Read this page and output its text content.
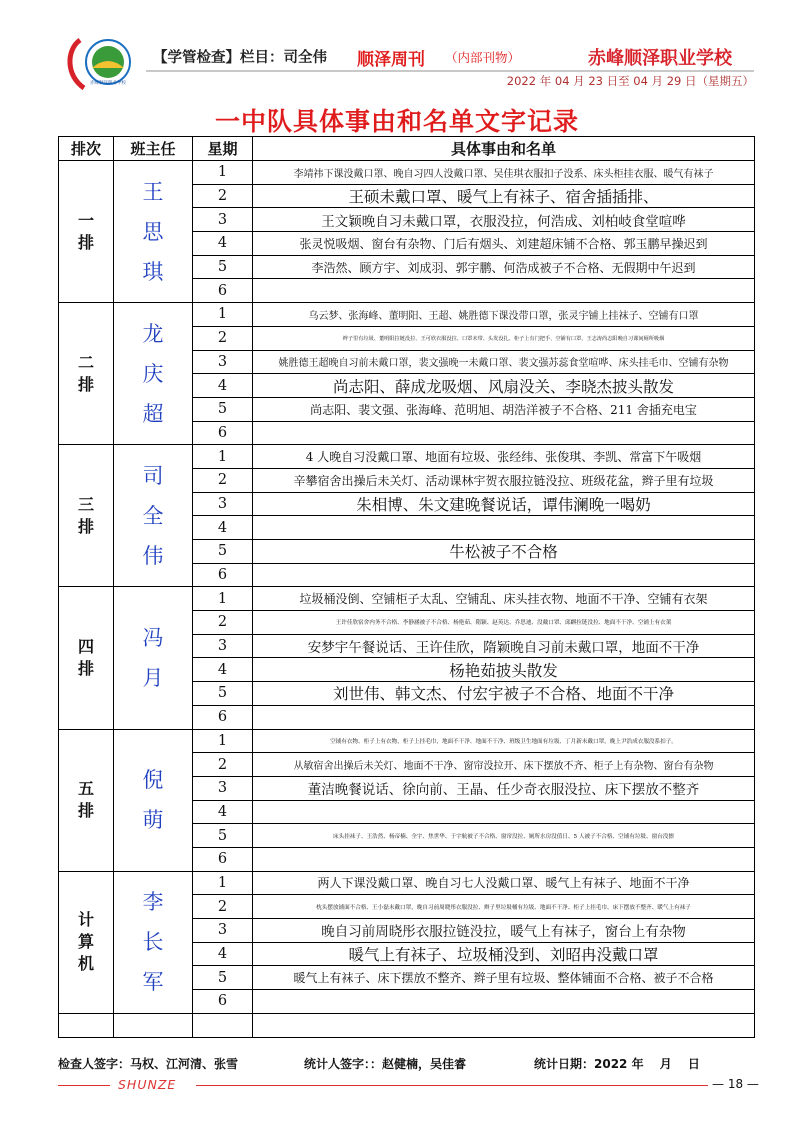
赤峰顺泽职业学校
【学管检查】栏目：司全伟 顺泽周刊 （内部刊物）	赤峰顺泽职业学校
2022 年 04 月 23 日至 04 月 29 日（星期五）
一中队具体事由和名单文字记录
排次	班主任	星期	具体事由和名单

一排	王思琪	1	李靖祎下课没戴口罩、晚自习四人没戴口罩、吴佳琪衣服扣子没系、床头柜挂衣服、暖气有袜子
		2	王硕未戴口罩、暖气上有袜子、宿舍插插排、
		3	王文颖晚自习未戴口罩，衣服没拉，何浩成、刘柏岐食堂喧哗
		4	张灵悦吸烟、窗台有杂物、门后有烟头、刘建超床铺不合格、郭玉鹏早操迟到
		5	李浩然、顾方宇、刘成羽、郭宇鹏、何浩成被子不合格、无假期中午迟到
		6	

二排	龙庆超	1	乌云梦、张海峰、董明阳、王超、姚胜德下课没带口罩，张灵宇铺上挂袜子、空铺有口罩
		2	辫子里有垃圾、董明阳拉链没拉、王可欣衣服没拉、口罩未带、头发没扎、柜子上有门把手、空铺有口罩、王志涛尚志阳晚自习课间厕所吸烟
		3	姚胜德王超晚自习前未戴口罩，裴文强晚一未戴口罩、裴文强苏蕊食堂喧哗、床头挂毛巾、空铺有杂物
		4	尚志阳、薛成龙吸烟、风扇没关、李晓杰披头散发
		5	尚志阳、裴文强、张海峰、范明旭、胡浩洋被子不合格、211 舍插充电宝
		6	

三排	司全伟	1	4 人晚自习没戴口罩、地面有垃圾、张经纬、张俊琪、李凯、常富下午吸烟
		2	辛攀宿舍出操后未关灯、活动课林宇贺衣服拉链没拉、班级花盆，辫子里有垃圾
		3	朱相博、朱文建晚餐说话，谭伟澜晚一喝奶
		4	
		5	牛松被子不合格
		6	

四排	冯月	1	垃圾桶没倒、空铺柜子太乱、空铺乱、床头挂衣物、地面不干净、空铺有衣架
		2	王许佳欣宿舍内务不合格、李静涵被子不合格、杨艳茹、隋颖、赵英达、乔思迪、没戴口罩、邱麒拉链没拉、地面不干净、空铺上有衣架
		3	安梦宇午餐说话、王许佳欣，隋颖晚自习前未戴口罩，地面不干净
		4	杨艳茹披头散发
		5	刘世伟、韩文杰、付宏宇被子不合格、地面不干净
		6	

五排	倪萌	1	空铺有衣物、柜子上有衣物，柜子上挂毛巾，地面不干净、地面不干净、班级卫生地面有垃圾、丁月新未戴口罩，晚上尹浩成衣服没系扣子。
		2	从敏宿舍出操后未关灯、地面不干净、窗帘没拉开、床下摆放不齐、柜子上有杂物、窗台有杂物
		3	董洁晚餐说话、徐向前、王晶、任少奇衣服没拉、床下摆放不整齐
		4	
		5	床头挂袜子、王浩然、杨帝楠、全宇、焦世华、于宇航被子不合格、窗帘没拉、厕所水房没值日、5 人被子不合格、空铺有垃圾、窗台没擦
		6	

计算机	李长军	1	两人下课没戴口罩、晚自习七人没戴口罩、暖气上有袜子、地面不干净
		2	枕头摆放铺面不合格、王小磊未戴口罩，晚自习前周晓彤衣服没拉、辫子里垃圾桶有垃圾、地面不干净、柜子上挂毛巾、床下摆放不整齐、暖气上有袜子
		3	晚自习前周晓彤衣服拉链没拉，暖气上有袜子，窗台上有杂物
		4	暖气上有袜子、垃圾桶没到、刘昭冉没戴口罩
		5	暖气上有袜子、床下摆放不整齐、辫子里有垃圾、整体铺面不合格、被子不合格
		6	

检查人签字：马权、江河清、张雪	统计人签字：：赵健楠，吴佳睿	统计日期：2022 年　 月　 日
SHUNZE	— 18 —
